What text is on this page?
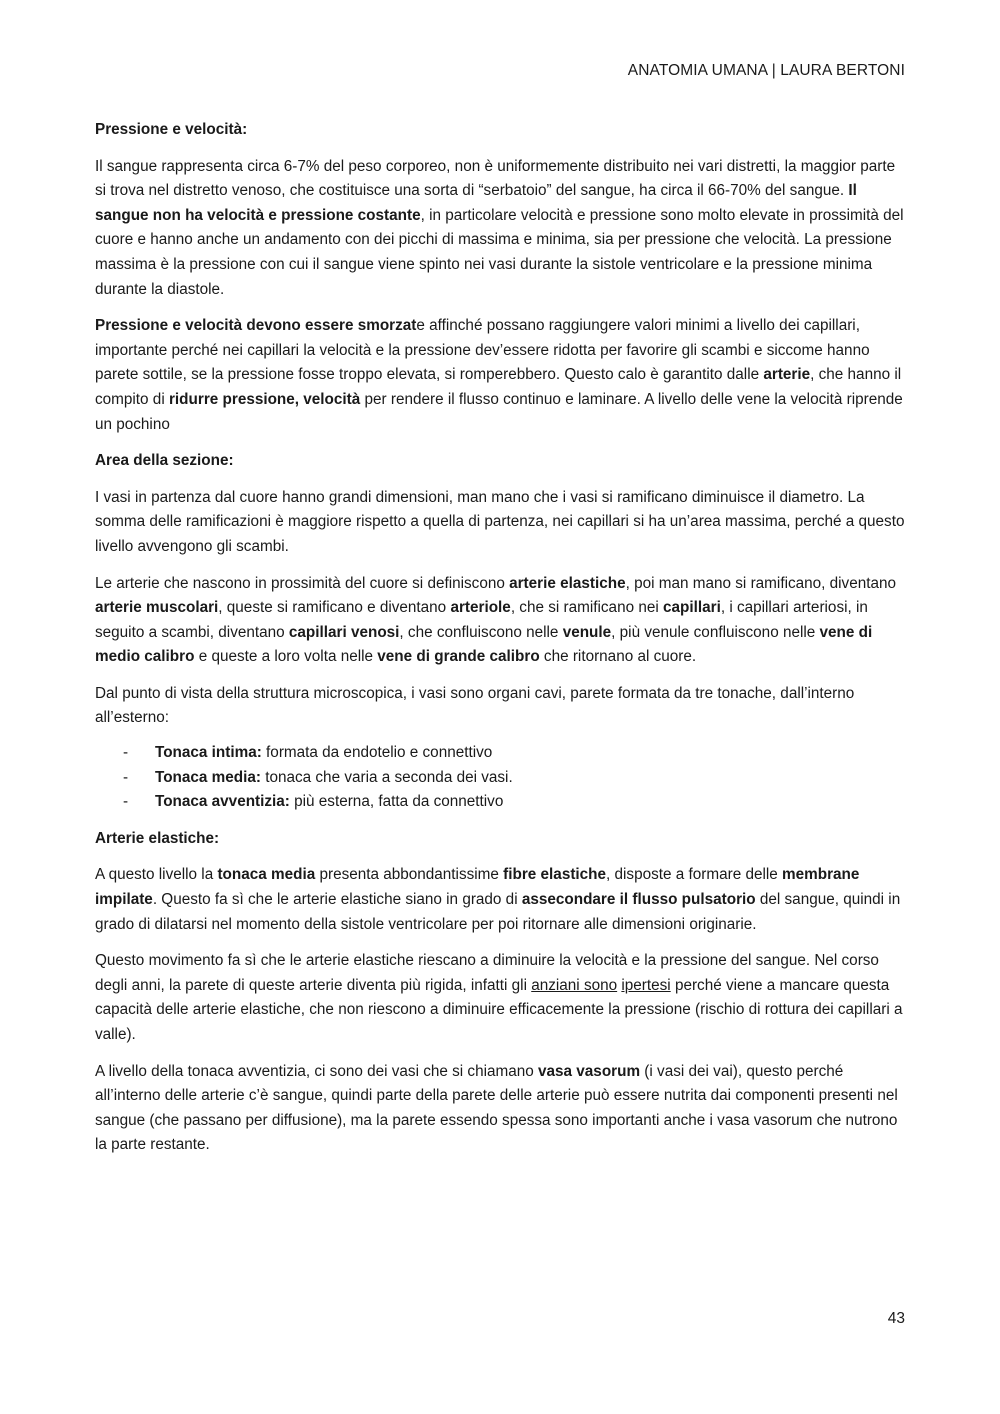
ANATOMIA UMANA | LAURA BERTONI

Pressione e velocità:

Il sangue rappresenta circa 6-7% del peso corporeo, non è uniformemente distribuito nei vari distretti, la maggior parte si trova nel distretto venoso, che costituisce una sorta di “serbatoio” del sangue, ha circa il 66-70% del sangue. Il sangue non ha velocità e pressione costante, in particolare velocità e pressione sono molto elevate in prossimità del cuore e hanno anche un andamento con dei picchi di massima e minima, sia per pressione che velocità. La pressione massima è la pressione con cui il sangue viene spinto nei vasi durante la sistole ventricolare e la pressione minima durante la diastole.

Pressione e velocità devono essere smorzate affinché possano raggiungere valori minimi a livello dei capillari, importante perché nei capillari la velocità e la pressione dev’essere ridotta per favorire gli scambi e siccome hanno parete sottile, se la pressione fosse troppo elevata, si romperebbero. Questo calo è garantito dalle arterie, che hanno il compito di ridurre pressione, velocità per rendere il flusso continuo e laminare. A livello delle vene la velocità riprende un pochino

Area della sezione:

I vasi in partenza dal cuore hanno grandi dimensioni, man mano che i vasi si ramificano diminuisce il diametro. La somma delle ramificazioni è maggiore rispetto a quella di partenza, nei capillari si ha un’area massima, perché a questo livello avvengono gli scambi.

Le arterie che nascono in prossimità del cuore si definiscono arterie elastiche, poi man mano si ramificano, diventano arterie muscolari, queste si ramificano e diventano arteriole, che si ramificano nei capillari, i capillari arteriosi, in seguito a scambi, diventano capillari venosi, che confluiscono nelle venule, più venule confluiscono nelle vene di medio calibro e queste a loro volta nelle vene di grande calibro che ritornano al cuore.

Dal punto di vista della struttura microscopica, i vasi sono organi cavi, parete formata da tre tonache, dall’interno all’esterno:

- Tonaca intima: formata da endotelio e connettivo
- Tonaca media: tonaca che varia a seconda dei vasi.
- Tonaca avventizia: più esterna, fatta da connettivo

Arterie elastiche:

A questo livello la tonaca media presenta abbondantissime fibre elastiche, disposte a formare delle membrane impilate. Questo fa sì che le arterie elastiche siano in grado di assecondare il flusso pulsatorio del sangue, quindi in grado di dilatarsi nel momento della sistole ventricolare per poi ritornare alle dimensioni originarie.

Questo movimento fa sì che le arterie elastiche riescano a diminuire la velocità e la pressione del sangue. Nel corso degli anni, la parete di queste arterie diventa più rigida, infatti gli anziani sono ipertesi perché viene a mancare questa capacità delle arterie elastiche, che non riescono a diminuire efficacemente la pressione (rischio di rottura dei capillari a valle).

A livello della tonaca avventizia, ci sono dei vasi che si chiamano vasa vasorum (i vasi dei vai), questo perché all’interno delle arterie c’è sangue, quindi parte della parete delle arterie può essere nutrita dai componenti presenti nel sangue (che passano per diffusione), ma la parete essendo spessa sono importanti anche i vasa vasorum che nutrono la parte restante.

43
